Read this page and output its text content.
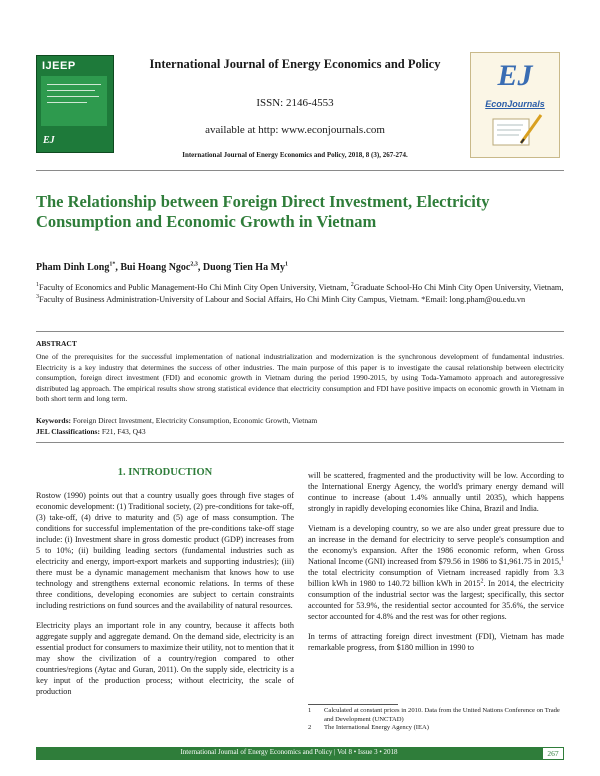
IJEEP
EJ
International Journal of Energy Economics and Policy
ISSN: 2146-4553
available at http: www.econjournals.com
International Journal of Energy Economics and Policy, 2018, 8 (3), 267-274.
EJ
EconJournals
The Relationship between Foreign Direct Investment, Electricity Consumption and Economic Growth in Vietnam
Pham Dinh Long$^{1*}$, Bui Hoang Ngoc$^{2,3}$, Duong Tien Ha My$^1$
$^1$Faculty of Economics and Public Management-Ho Chi Minh City Open University, Vietnam, $^2$Graduate School-Ho Chi Minh City Open University, Vietnam, $^3$Faculty of Business Administration-University of Labour and Social Affairs, Ho Chi Minh City Campus, Vietnam. *Email: long.pham@ou.edu.vn
ABSTRACT
One of the prerequisites for the successful implementation of national industrialization and modernization is the synchronous development of fundamental industries. Electricity is a key industry that determines the success of other industries. The main purpose of this paper is to investigate the causal relationship between electricity consumption, foreign direct investment (FDI) and economic growth in Vietnam during the period 1990-2015, by using Toda-Yamamoto approach and autoregressive distributed lag approach. The empirical results show strong statistical evidence that electricity consumption and FDI have positive impacts on economic growth in Vietnam in both short term and long term.
Keywords: Foreign Direct Investment, Electricity Consumption, Economic Growth, Vietnam
JEL Classifications: F21, F43, Q43
1. INTRODUCTION

Rostow (1990) points out that a country usually goes through five stages of economic development: (1) Traditional society, (2) pre-conditions for take-off, (3) take-off, (4) drive to maturity and (5) age of mass consumption. The conditions for successful implementation of the pre-conditions take-off stage include: (i) Investment share in gross domestic product (GDP) increases from 5 to 10%; (ii) building leading sectors (fundamental industries such as electricity and energy, import-export markets and supporting industries); (iii) there must be a dynamic management mechanism that knows how to use technology and strengthens external economic relations. In terms of these three conditions, developing economies are subject to certain constraints including restrictions on fund sources and the availability of natural resources.

Electricity plays an important role in any country, because it affects both aggregate supply and aggregate demand. On the demand side, electricity is an essential product for consumers to maximize their utility, not to mention that it may show the civilization of a country/region compared to other countries/regions (Aytac and Guran, 2011). On the supply side, electricity is a key input of the production process; without electricity, the scale of production

will be scattered, fragmented and the productivity will be low. According to the International Energy Agency, the world's primary energy demand will continue to increase (about 1.4% annually until 2035), which happens strongly in rapidly developing economies like China, Brazil and India.

Vietnam is a developing country, so we are also under great pressure due to an increase in the demand for electricity to serve people's consumption and the economy's expansion. After the 1986 economic reform, when Gross National Income (GNI) increased from $79.56 in 1986 to $1,961.75 in 2015,$^1$ the total electricity consumption of Vietnam increased rapidly from 3.3 billion kWh in 1980 to 140.72 billion kWh in 2015$^2$. In 2014, the electricity consumption of the industrial sector was the largest; specifically, this sector accounted for 53.9%, the residential sector accounted for 35.6%, the service sector accounted for 4.8% and the rest was for other regions.

In terms of attracting foreign direct investment (FDI), Vietnam has made remarkable progress, from $180 million in 1990 to

1	Calculated at constant prices in 2010. Data from the United Nations Conference on Trade and Development (UNCTAD)
2	The International Energy Agency (IEA)
International Journal of Energy Economics and Policy | Vol 8 • Issue 3 • 2018	267
